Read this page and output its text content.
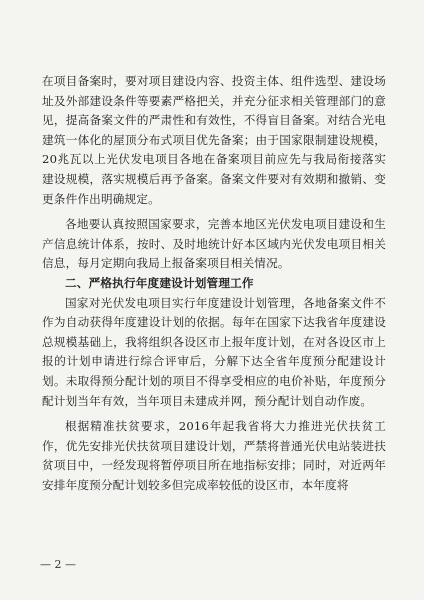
在项目备案时，要对项目建设内容、投资主体、组件选型、建设场址及外部建设条件等要素严格把关，并充分征求相关管理部门的意见，提高备案文件的严肃性和有效性，不得盲目备案。对结合光电建筑一体化的屋顶分布式项目优先备案；由于国家限制建设规模，20兆瓦以上光伏发电项目各地在备案项目前应先与我局衔接落实建设规模，落实规模后再予备案。备案文件要对有效期和撤销、变更条件作出明确规定。

各地要认真按照国家要求，完善本地区光伏发电项目建设和生产信息统计体系，按时、及时地统计好本区域内光伏发电项目相关信息，每月定期向我局上报备案项目相关情况。

二、严格执行年度建设计划管理工作

国家对光伏发电项目实行年度建设计划管理，各地备案文件不作为自动获得年度建设计划的依据。每年在国家下达我省年度建设总规模基础上，我将组织各设区市上报年度计划，在对各设区市上报的计划申请进行综合评审后，分解下达全省年度预分配建设计划。未取得预分配计划的项目不得享受相应的电价补贴，年度预分配计划当年有效，当年项目未建成并网，预分配计划自动作废。

根据精准扶贫要求，2016年起我省将大力推进光伏扶贫工作，优先安排光伏扶贫项目建设计划，严禁将普通光伏电站装进扶贫项目中，一经发现将暂停项目所在地指标安排；同时，对近两年安排年度预分配计划较多但完成率较低的设区市，本年度将

— 2 —
